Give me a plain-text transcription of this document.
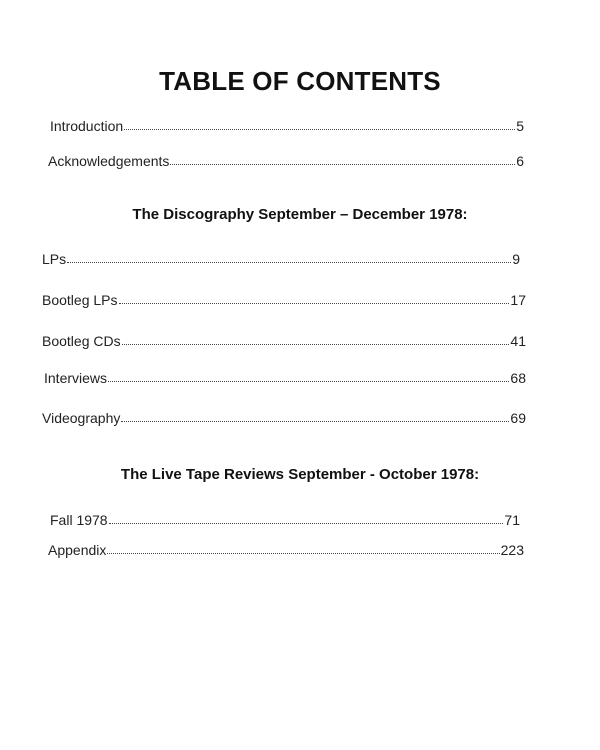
TABLE OF CONTENTS
Introduction	5
Acknowledgements	6
The Discography September – December 1978:
LPs	9
Bootleg LPs	17
Bootleg CDs	41
Interviews	68
Videography	69
The Live Tape Reviews September - October 1978:
Fall 1978	71
Appendix	223
